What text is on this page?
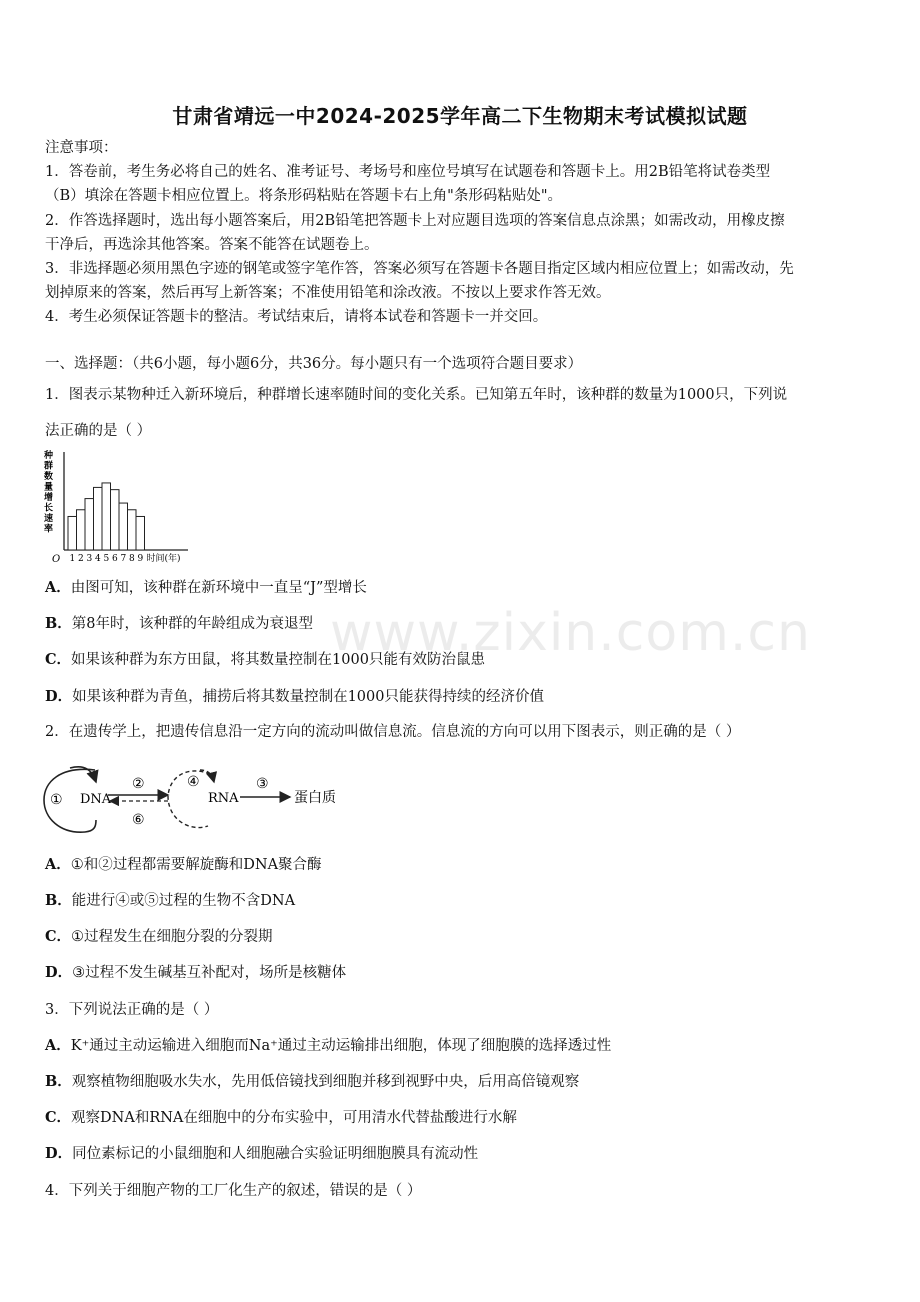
甘肃省靖远一中2024-2025学年高二下生物期末考试模拟试题
注意事项：
1．答卷前，考生务必将自己的姓名、准考证号、考场号和座位号填写在试题卷和答题卡上。用2B铅笔将试卷类型
（B）填涂在答题卡相应位置上。将条形码粘贴在答题卡右上角"条形码粘贴处"。
2．作答选择题时，选出每小题答案后，用2B铅笔把答题卡上对应题目选项的答案信息点涂黑；如需改动，用橡皮擦
干净后，再选涂其他答案。答案不能答在试题卷上。
3．非选择题必须用黑色字迹的钢笔或签字笔作答，答案必须写在答题卡各题目指定区域内相应位置上；如需改动，先
划掉原来的答案，然后再写上新答案；不准使用铅笔和涂改液。不按以上要求作答无效。
4．考生必须保证答题卡的整洁。考试结束后，请将本试卷和答题卡一并交回。
一、选择题：（共6小题，每小题6分，共36分。每小题只有一个选项符合题目要求）
1．图表示某物种迁入新环境后，种群增长速率随时间的变化关系。已知第五年时，该种群的数量为1000只，下列说
法正确的是（ ）
种群数量增长速率
O 1 2 3 4 5 6 7 8 9 时间(年)
A．由图可知，该种群在新环境中一直呈“J”型增长
B．第8年时，该种群的年龄组成为衰退型
C．如果该种群为东方田鼠，将其数量控制在1000只能有效防治鼠患
D．如果该种群为青鱼，捕捞后将其数量控制在1000只能获得持续的经济价值
2．在遗传学上，把遗传信息沿一定方向的流动叫做信息流。信息流的方向可以用下图表示，则正确的是（ ）
① DNA
②
⑥
④
RNA
③
蛋白质
A．①和②过程都需要解旋酶和DNA聚合酶
B．能进行④或⑤过程的生物不含DNA
C．①过程发生在细胞分裂的分裂期
D．③过程不发生碱基互补配对，场所是核糖体
3．下列说法正确的是（ ）
A．K⁺通过主动运输进入细胞而Na⁺通过主动运输排出细胞，体现了细胞膜的选择透过性
B．观察植物细胞吸水失水，先用低倍镜找到细胞并移到视野中央，后用高倍镜观察
C．观察DNA和RNA在细胞中的分布实验中，可用清水代替盐酸进行水解
D．同位素标记的小鼠细胞和人细胞融合实验证明细胞膜具有流动性
4．下列关于细胞产物的工厂化生产的叙述，错误的是（ ）
www.zixin.com.cn
